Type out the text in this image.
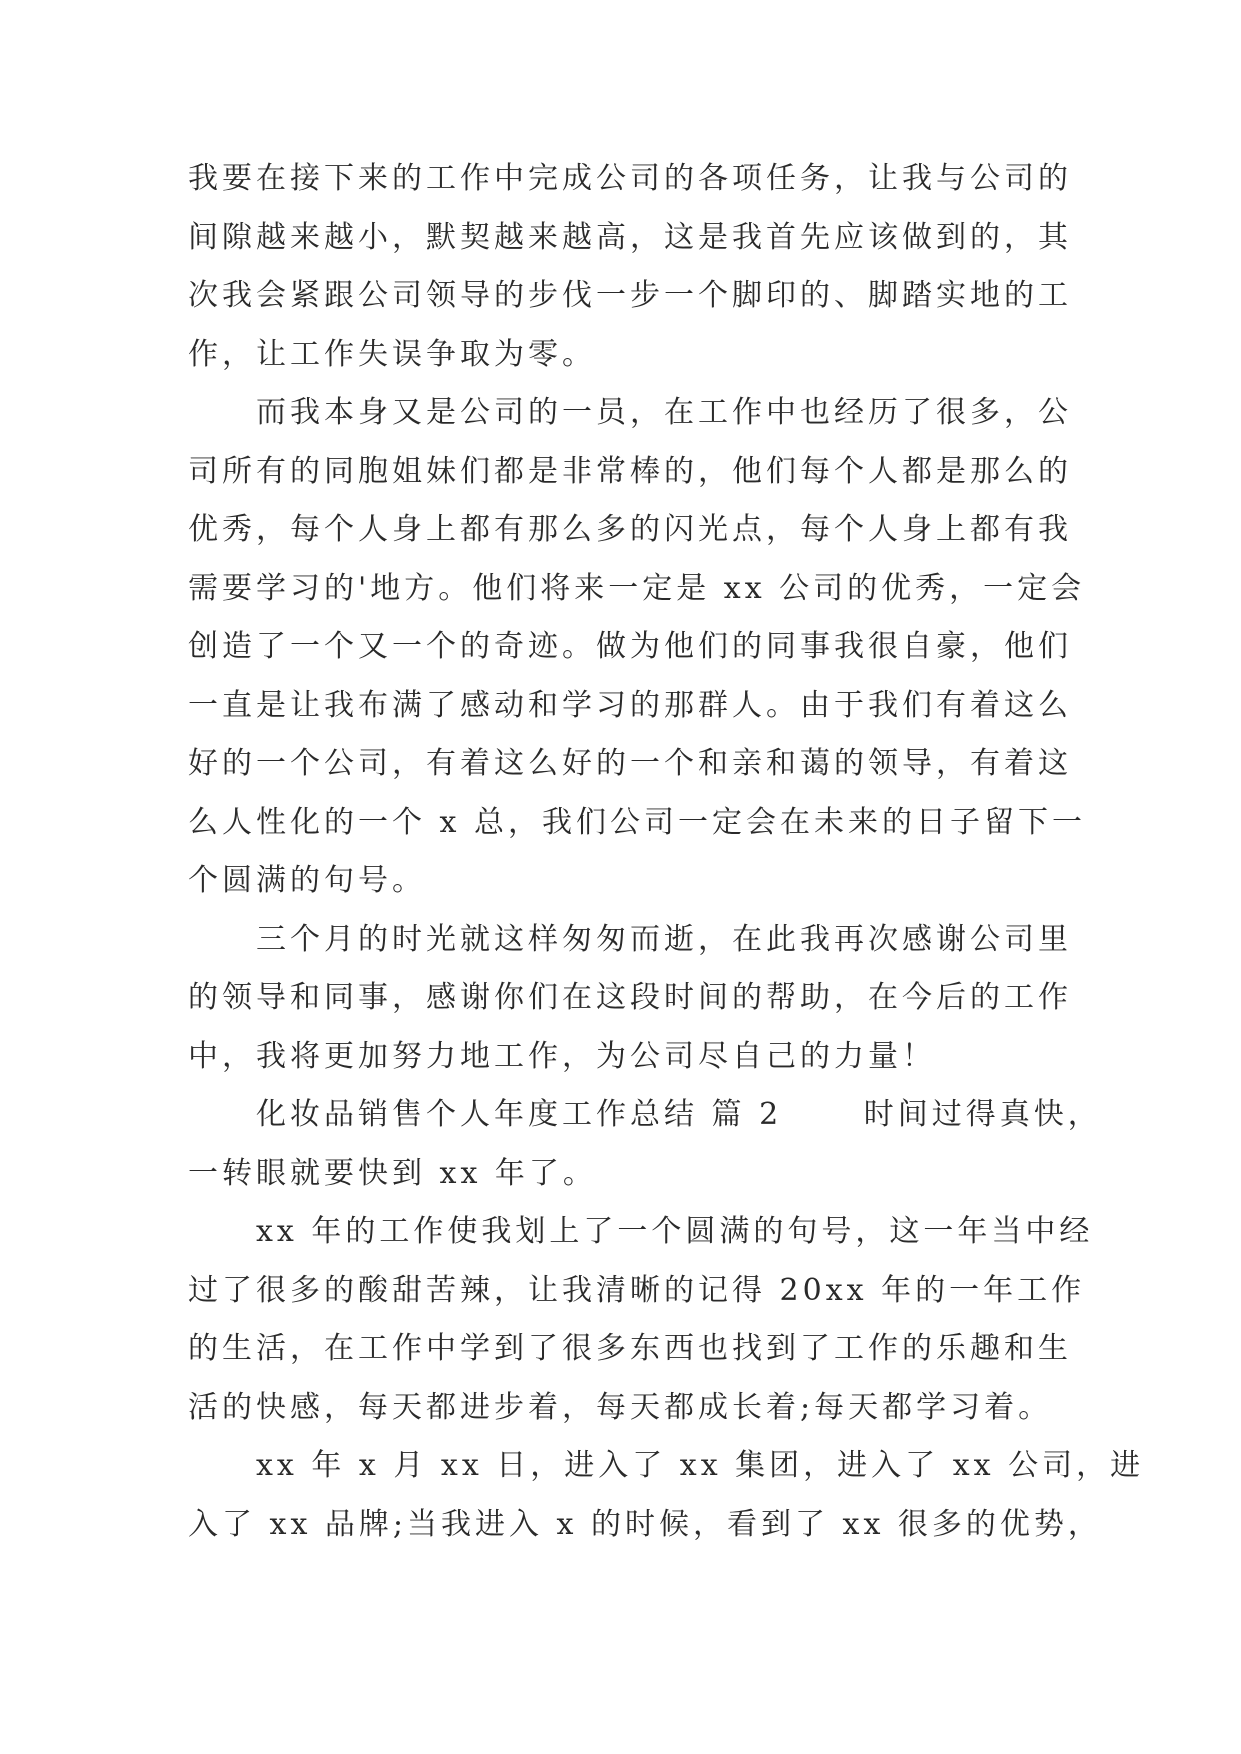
我要在接下来的工作中完成公司的各项任务，让我与公司的
间隙越来越小，默契越来越高，这是我首先应该做到的，其
次我会紧跟公司领导的步伐一步一个脚印的、脚踏实地的工
作，让工作失误争取为零。
　　而我本身又是公司的一员，在工作中也经历了很多，公
司所有的同胞姐妹们都是非常棒的，他们每个人都是那么的
优秀，每个人身上都有那么多的闪光点，每个人身上都有我
需要学习的'地方。他们将来一定是 xx 公司的优秀，一定会
创造了一个又一个的奇迹。做为他们的同事我很自豪，他们
一直是让我布满了感动和学习的那群人。由于我们有着这么
好的一个公司，有着这么好的一个和亲和蔼的领导，有着这
么人性化的一个 x 总，我们公司一定会在未来的日子留下一
个圆满的句号。
　　三个月的时光就这样匆匆而逝，在此我再次感谢公司里
的领导和同事，感谢你们在这段时间的帮助，在今后的工作
中，我将更加努力地工作，为公司尽自己的力量！
　　化妆品销售个人年度工作总结 篇 2　　 时间过得真快，
一转眼就要快到 xx 年了。
　　xx 年的工作使我划上了一个圆满的句号，这一年当中经
过了很多的酸甜苦辣，让我清晰的记得 20xx 年的一年工作
的生活，在工作中学到了很多东西也找到了工作的乐趣和生
活的快感，每天都进步着，每天都成长着;每天都学习着。
　　xx 年 x 月 xx 日，进入了 xx 集团，进入了 xx 公司，进
入了 xx 品牌;当我进入 x 的时候，看到了 xx 很多的优势，
